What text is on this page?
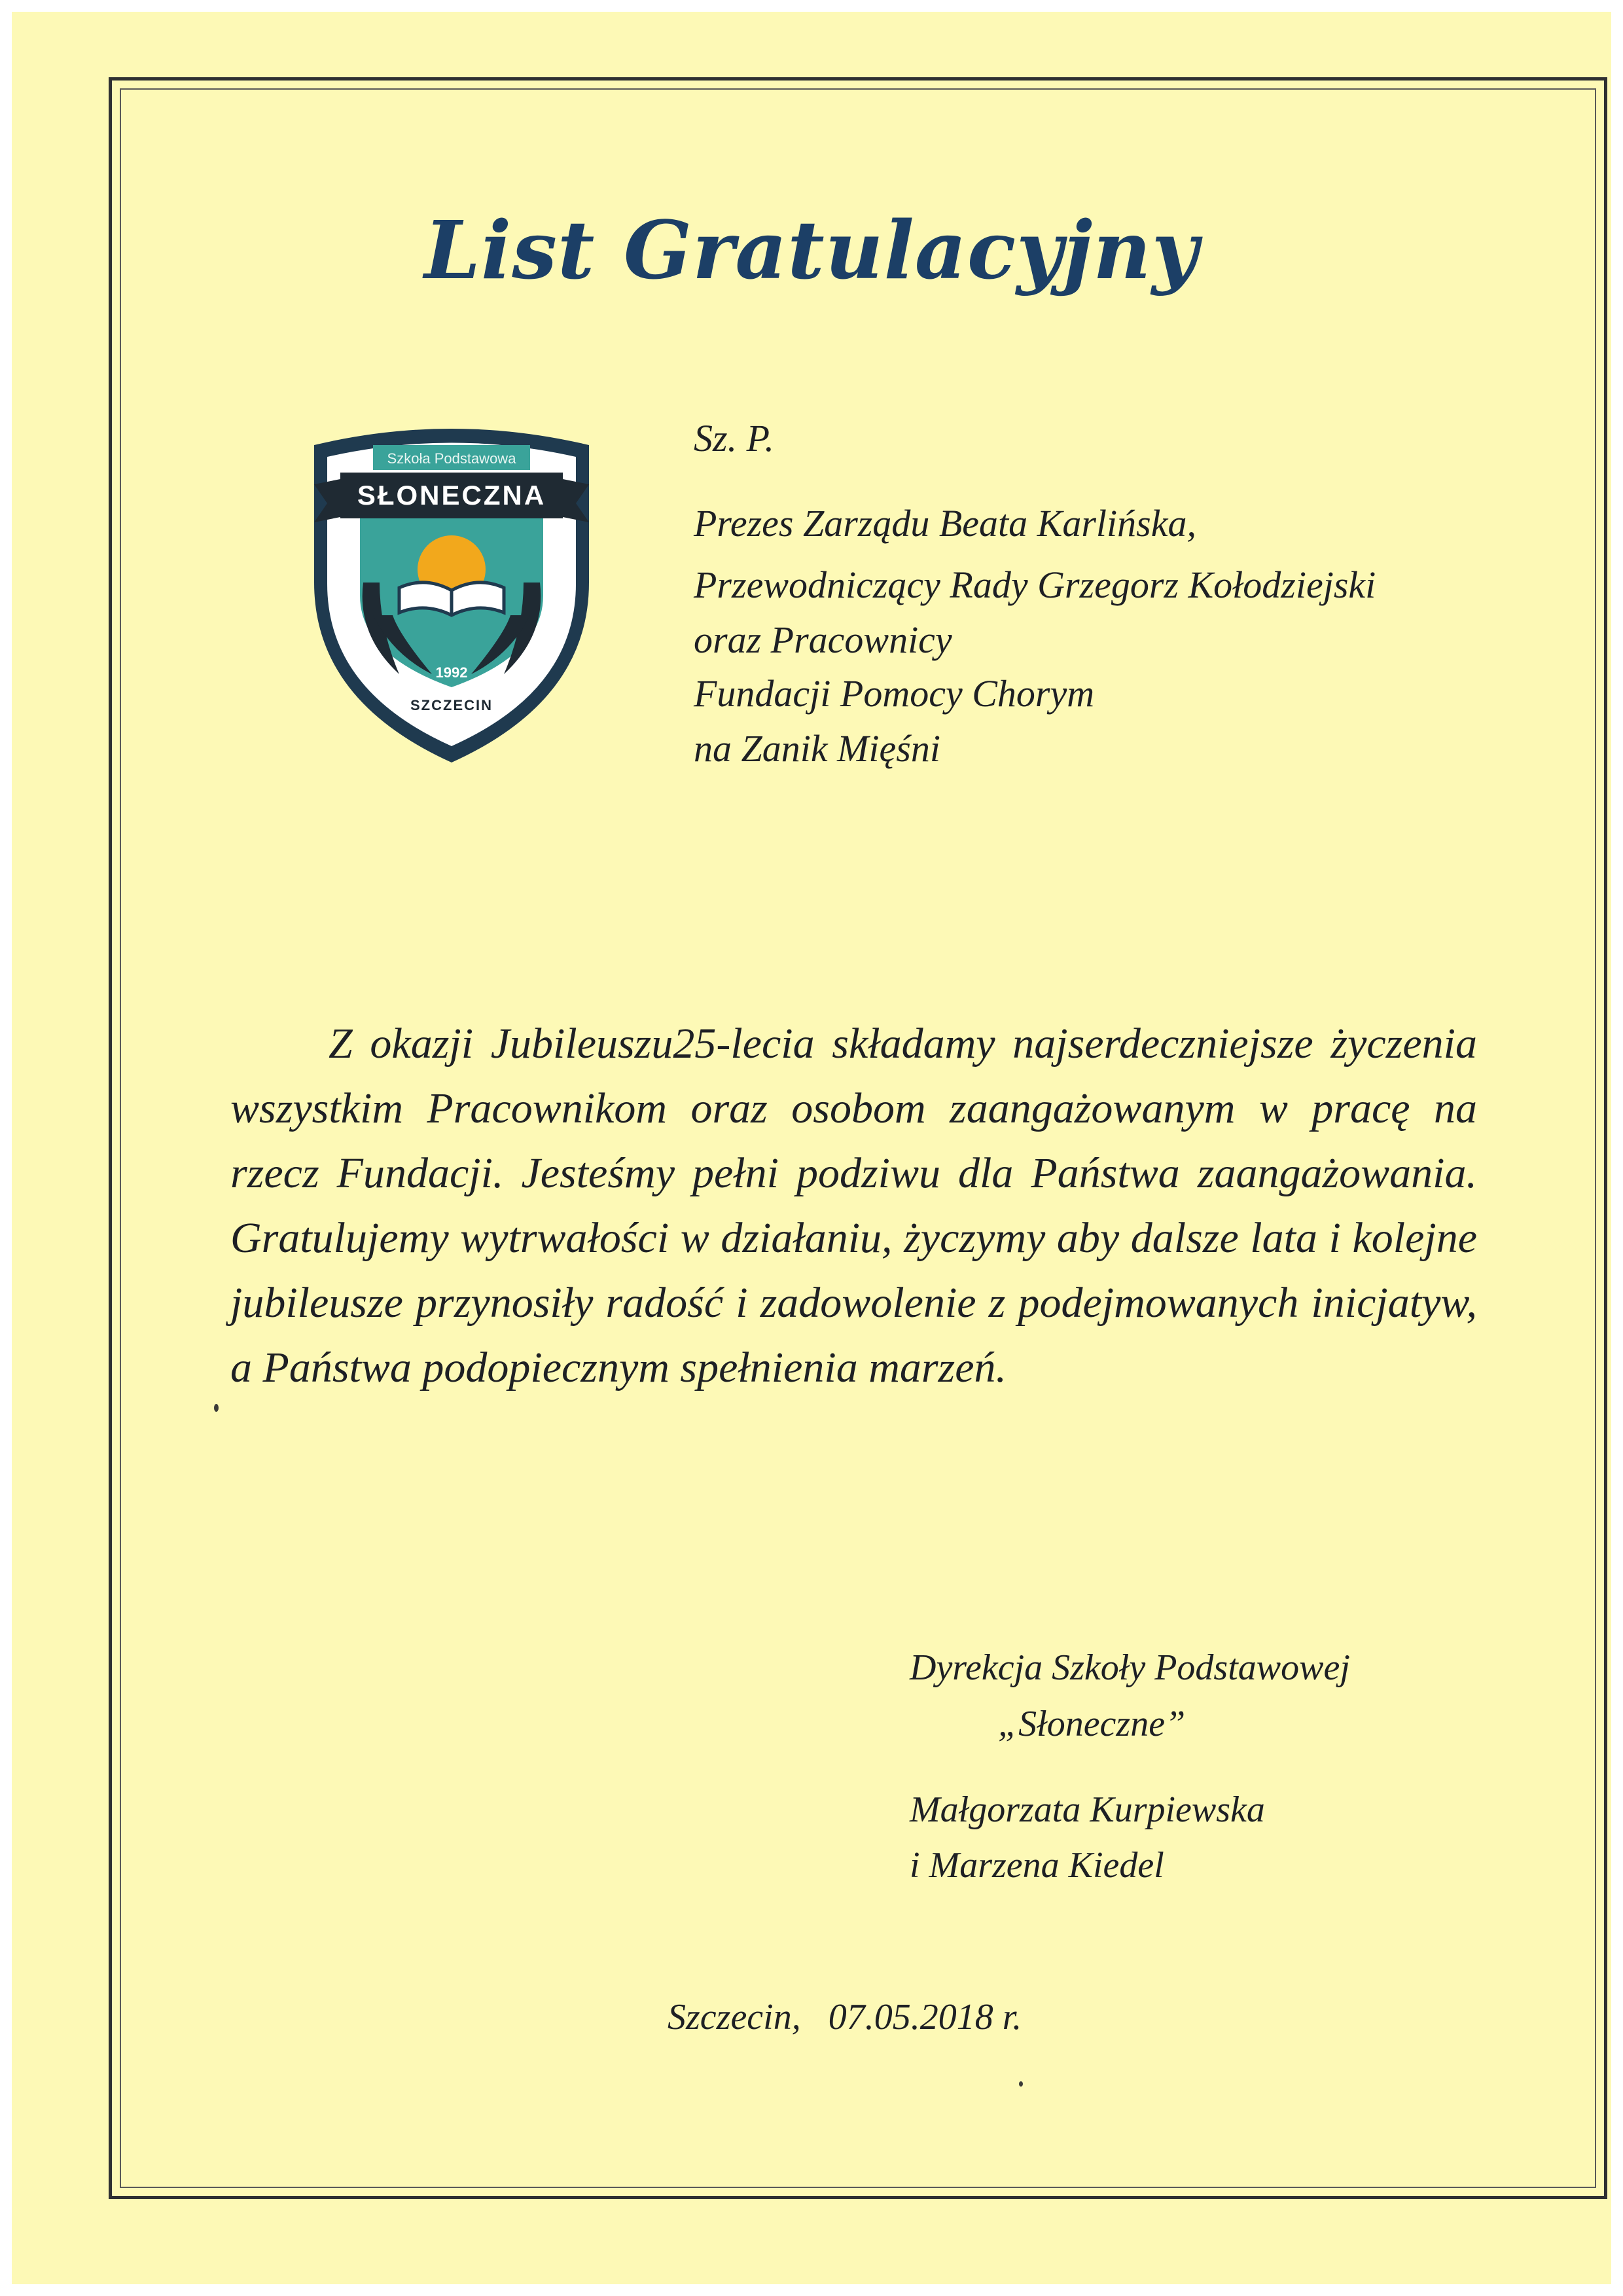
List Gratulacyjny
Szkoła Podstawowa
SŁONECZNA
1992
SZCZECIN
Sz. P.
Prezes Zarządu Beata Karlińska,
Przewodniczący Rady Grzegorz Kołodziejski
oraz Pracownicy
Fundacji Pomocy Chorym
na Zanik Mięśni
Z okazji Jubileuszu25-lecia składamy najserdeczniejsze życzenia wszystkim Pracownikom oraz osobom zaangażowanym w pracę na rzecz Fundacji. Jesteśmy pełni podziwu dla Państwa zaangażowania. Gratulujemy wytrwałości w działaniu, życzymy aby dalsze lata i kolejne jubileusze przynosiły radość i zadowolenie z podejmowanych inicjatyw, a Państwa podopiecznym spełnienia marzeń.
Dyrekcja Szkoły Podstawowej
„Słoneczne”
Małgorzata Kurpiewska
i Marzena Kiedel
Szczecin,   07.05.2018 r.
